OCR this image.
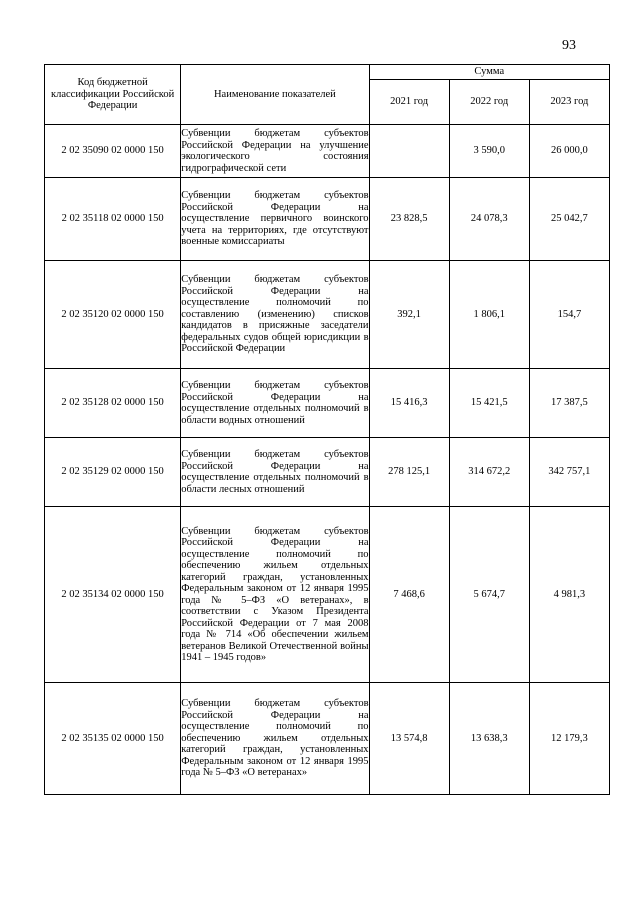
93
Код бюджетной классификации Российской Федерации	Наименование показателей	Сумма		
		2021 год	2022 год	2023 год
2 02 35090 02 0000 150	Субвенции бюджетам субъектов Российской Федерации на улучшение экологического состояния гидрографической сети		3 590,0	26 000,0
2 02 35118 02 0000 150	Субвенции бюджетам субъектов Российской Федерации на осуществление первичного воинского учета на территориях, где отсутствуют военные комиссариаты	23 828,5	24 078,3	25 042,7
2 02 35120 02 0000 150	Субвенции бюджетам субъектов Российской Федерации на осуществление полномочий по составлению (изменению) списков кандидатов в присяжные заседатели федеральных судов общей юрисдикции в Российской Федерации	392,1	1 806,1	154,7
2 02 35128 02 0000 150	Субвенции бюджетам субъектов Российской Федерации на осуществление отдельных полномочий в области водных отношений	15 416,3	15 421,5	17 387,5
2 02 35129 02 0000 150	Субвенции бюджетам субъектов Российской Федерации на осуществление отдельных полномочий в области лесных отношений	278 125,1	314 672,2	342 757,1
2 02 35134 02 0000 150	Субвенции бюджетам субъектов Российской Федерации на осуществление полномочий по обеспечению жильем отдельных категорий граждан, установленных Федеральным законом от 12 января 1995 года № 5–ФЗ «О ветеранах», в соответствии с Указом Президента Российской Федерации от 7 мая 2008 года № 714 «Об обеспечении жильем ветеранов Великой Отечественной войны 1941 – 1945 годов»	7 468,6	5 674,7	4 981,3
2 02 35135 02 0000 150	Субвенции бюджетам субъектов Российской Федерации на осуществление полномочий по обеспечению жильем отдельных категорий граждан, установленных Федеральным законом от 12 января 1995 года № 5–ФЗ «О ветеранах»	13 574,8	13 638,3	12 179,3
